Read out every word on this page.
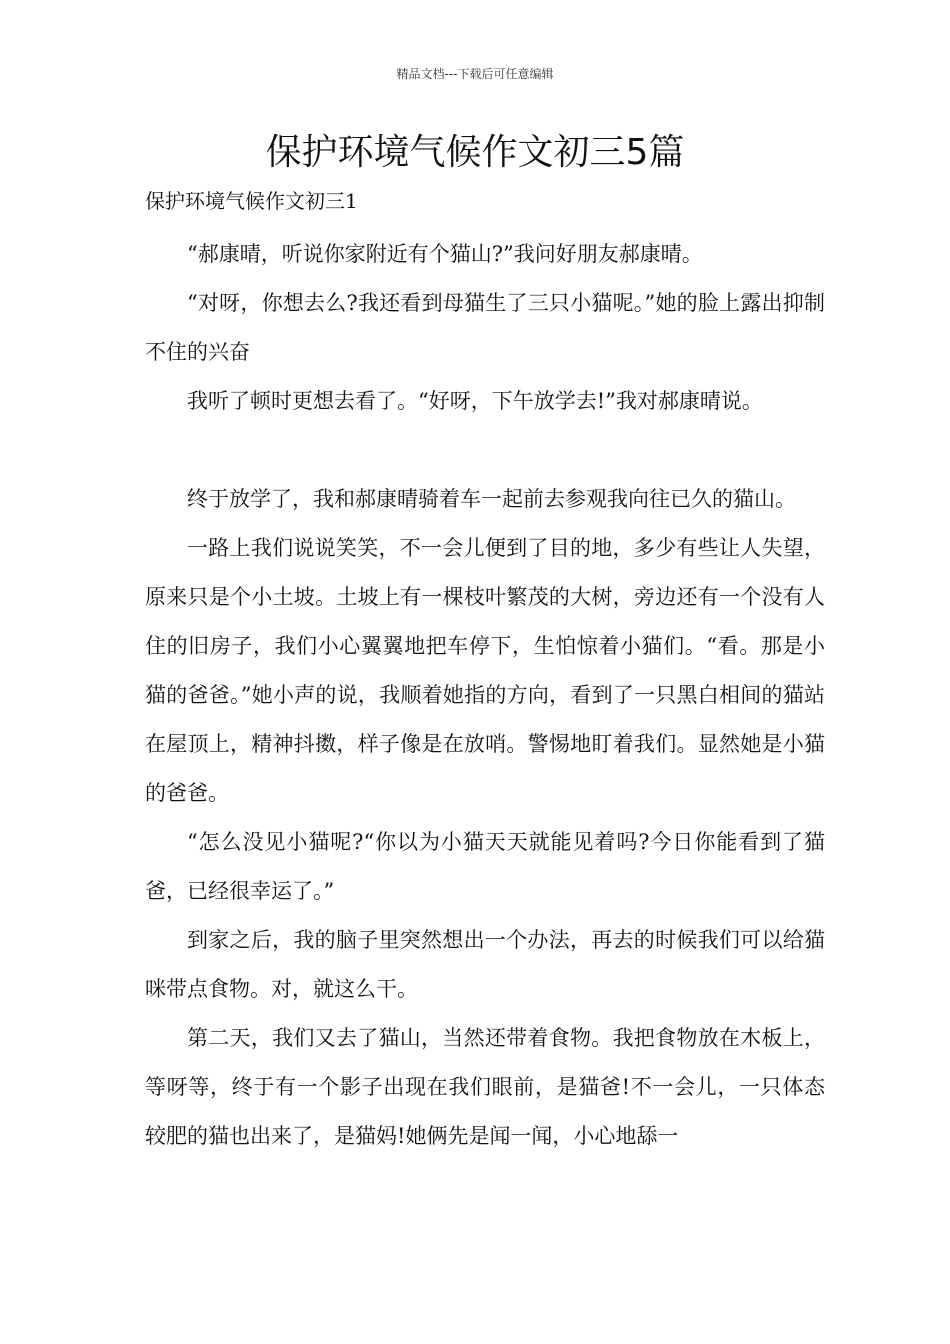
精品文档---下载后可任意编辑
保护环境气候作文初三5篇
保护环境气候作文初三1

“郝康晴，听说你家附近有个猫山?”我问好朋友郝康晴。

“对呀，你想去么?我还看到母猫生了三只小猫呢。”她的脸上露出抑制不住的兴奋

我听了顿时更想去看了。“好呀，下午放学去!”我对郝康晴说。

终于放学了，我和郝康晴骑着车一起前去参观我向往已久的猫山。

一路上我们说说笑笑，不一会儿便到了目的地，多少有些让人失望，原来只是个小土坡。土坡上有一棵枝叶繁茂的大树，旁边还有一个没有人住的旧房子，我们小心翼翼地把车停下，生怕惊着小猫们。“看。那是小猫的爸爸。”她小声的说，我顺着她指的方向，看到了一只黑白相间的猫站在屋顶上，精神抖擞，样子像是在放哨。警惕地盯着我们。显然她是小猫的爸爸。

“怎么没见小猫呢?“你以为小猫天天就能见着吗?今日你能看到了猫爸，已经很幸运了。”

到家之后，我的脑子里突然想出一个办法，再去的时候我们可以给猫咪带点食物。对，就这么干。

第二天，我们又去了猫山，当然还带着食物。我把食物放在木板上，等呀等，终于有一个影子出现在我们眼前，是猫爸!不一会儿，一只体态较肥的猫也出来了，是猫妈!她俩先是闻一闻，小心地舔一
